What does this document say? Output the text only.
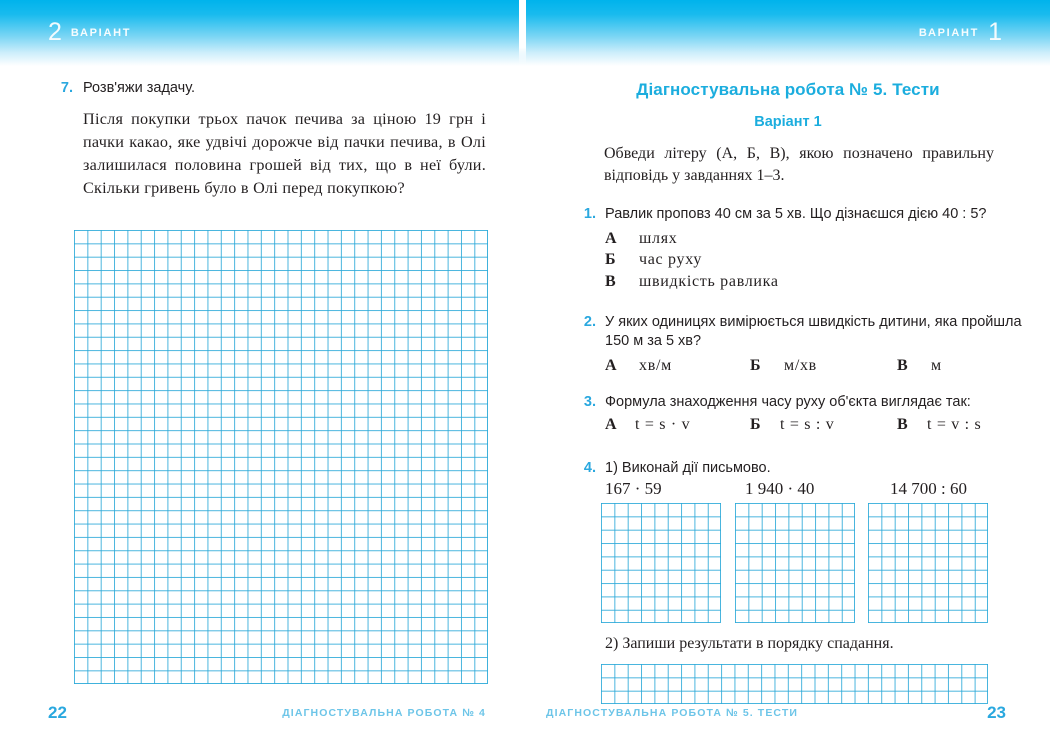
2 ВАРІАНТ	ВАРІАНТ 1
7. Розв'яжи задачу.
Після покупки трьох пачок печива за ціною 19 грн і пачки какао, яке удвічі дорожче від пачки печива, в Олі залишилася половина грошей від тих, що в неї були. Скільки гривень було в Олі перед покупкою?
22	ДІАГНОСТУВАЛЬНА РОБОТА № 4
Діагностувальна робота № 5. Тести
Варіант 1
Обведи літеру (А, Б, В), якою позначено правильну відповідь у завданнях 1–3.
1. Равлик проповз 40 см за 5 хв. Що дізнаєшся дією 40 : 5?
А шлях
Б	час руху
В	швидкість равлика
2. У яких одиницях вимірюється швидкість дитини, яка пройшла 150 м за 5 хв?
А хв/м	Б	м/хв	В	м
3. Формула знаходження часу руху об'єкта виглядає так:
А t = s · v	Б	t = s : v	В	t = v : s
4. 1) Виконай дії письмово.
167 · 59	1 940 · 40	14 700 : 60
2) Запиши результати в порядку спадання.
ДІАГНОСТУВАЛЬНА РОБОТА № 5. ТЕСТИ	23
